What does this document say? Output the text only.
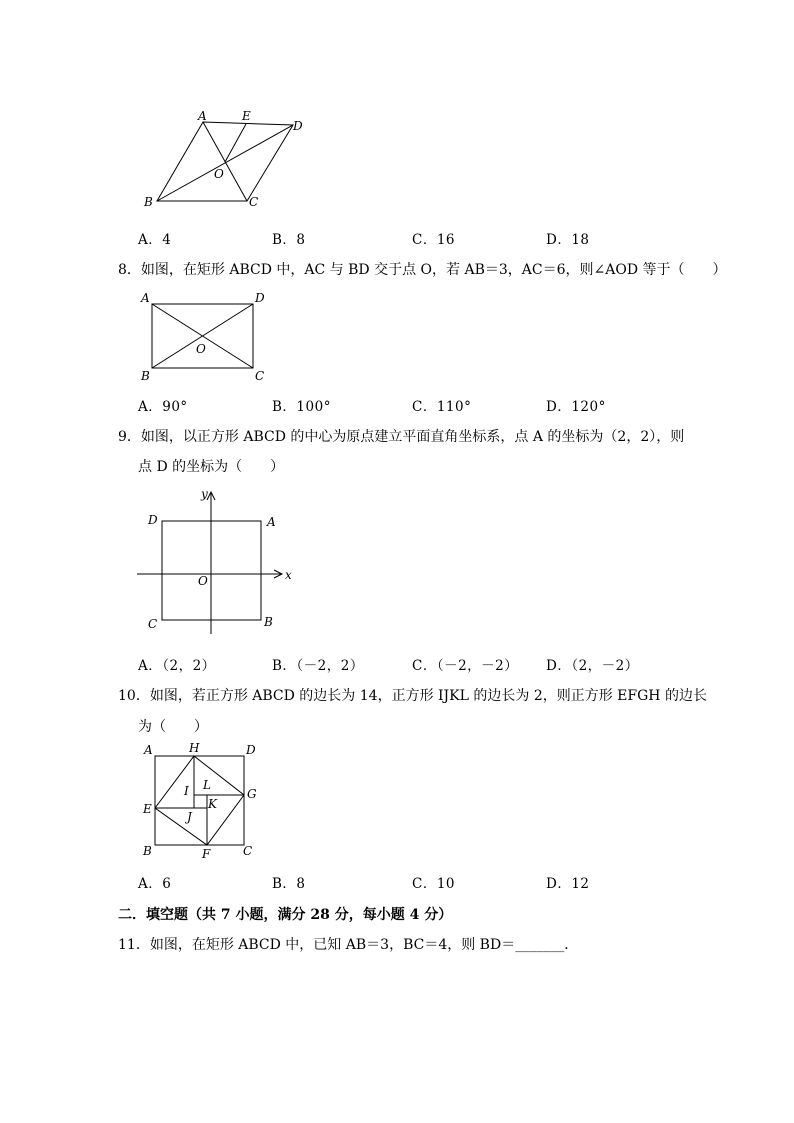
A	E
D
O
B	C
A．4	B．8	C．16	D．18
8．如图，在矩形 ABCD 中，AC 与 BD 交于点 O，若 AB＝3，AC＝6，则∠AOD 等于（　　）
A	D
O
B	C
A．90°	B．100°	C．110°	D．120°
9．如图，以正方形 ABCD 的中心为原点建立平面直角坐标系，点 A 的坐标为（2，2），则
点 D 的坐标为（　　）
y
x
D	A
O
C	B
A．（2，2）	B．（－2，2）	C．（－2，－2） D．（2，－2）
10．如图，若正方形 ABCD 的边长为 14，正方形 IJKL 的边长为 2，则正方形 EFGH 的边长
为（　　）
A	H	D
L
I	G
E	K
J
B	F	C
A．6	B．8	C．10	D．12
二．填空题（共 7 小题，满分 28 分，每小题 4 分）
11．如图，在矩形 ABCD 中，已知 AB＝3，BC＝4，则 BD＝_______．
